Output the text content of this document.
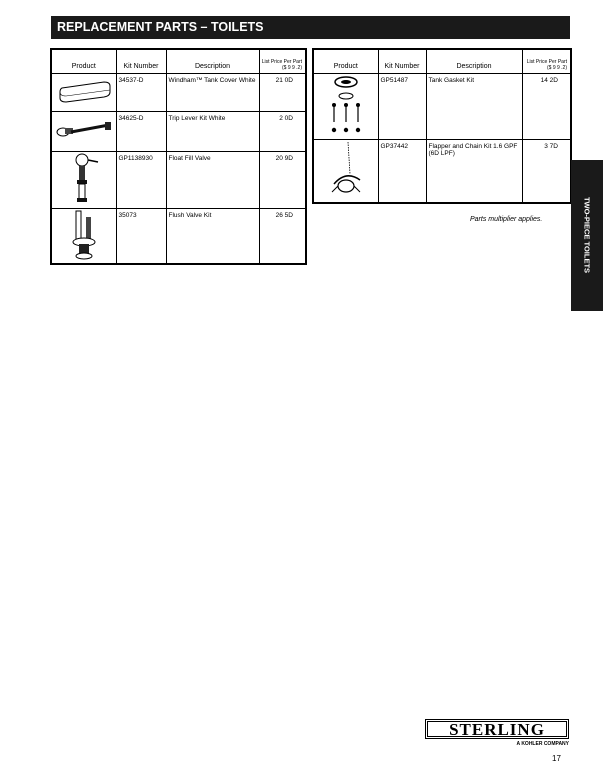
REPLACEMENT PARTS – TOILETS
Product	Kit Number	Description	List Price Per Part ($ 9 9 .2)
	34537-D	Windham™ Tank Cover White	21 0D
	34625-D	Trip Lever Kit White	2 0D
	GP1138930	Float Fill Valve	20 9D
	35073	Flush Valve Kit	26 5D
Product	Kit Number	Description	List Price Per Part ($ 9 9 .2)
	GP51487	Tank Gasket Kit	14 2D
	GP37442	Flapper and Chain Kit 1.6 GPF (6D LPF)	3 7D
Parts multiplier applies.	TWO-PIECE TOILETS
STERLING
A KOHLER COMPANY
17
